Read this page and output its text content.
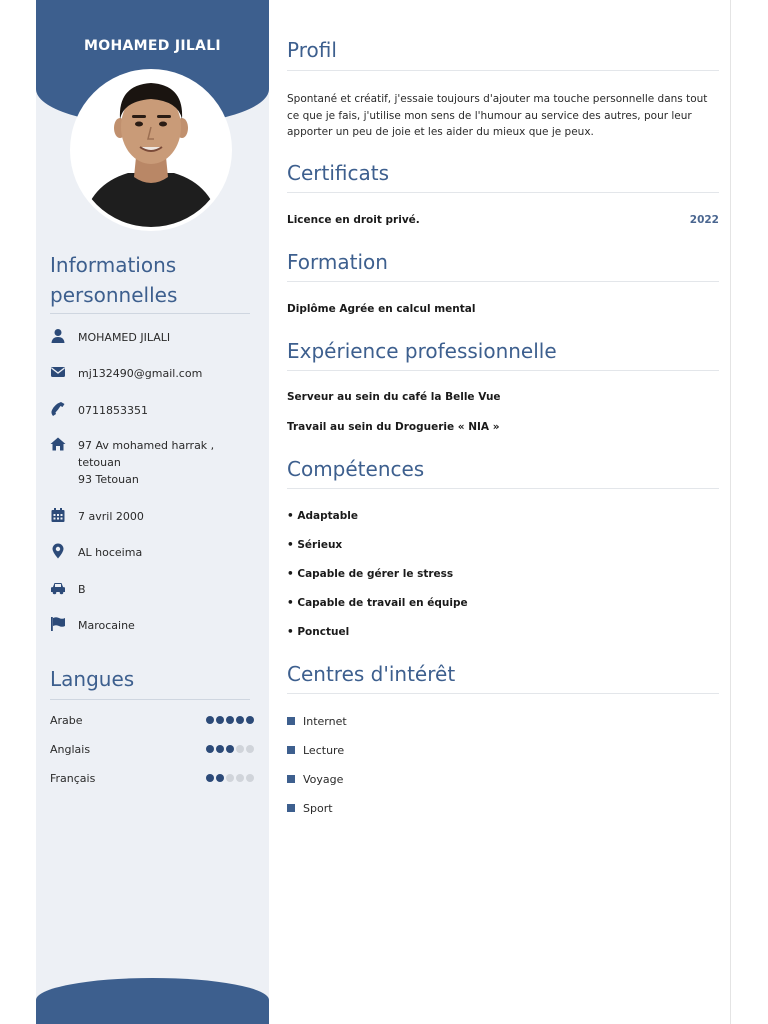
MOHAMED JILALI

Informations

personnelles

MOHAMED JILALI
mj132490@gmail.com
0711853351
97 Av mohamed harrak ,
tetouan
93 Tetouan
7 avril 2000
AL hoceima
B
Marocaine

Langues

Arabe
Anglais
Français
Profil
Spontané et créatif, j'essaie toujours d'ajouter ma touche personnelle dans tout ce que je fais, j'utilise mon sens de l'humour au service des autres, pour leur apporter un peu de joie et les aider du mieux que je peux.
Certificats
Licence en droit privé.	2022
Formation
Diplôme Agrée en calcul mental
Expérience professionnelle
Serveur au sein du café la Belle Vue
Travail au sein du Droguerie « NIA »
Compétences
• Adaptable
• Sérieux
• Capable de gérer le stress
• Capable de travail en équipe
• Ponctuel
Centres d'intérêt
Internet
Lecture
Voyage
Sport
